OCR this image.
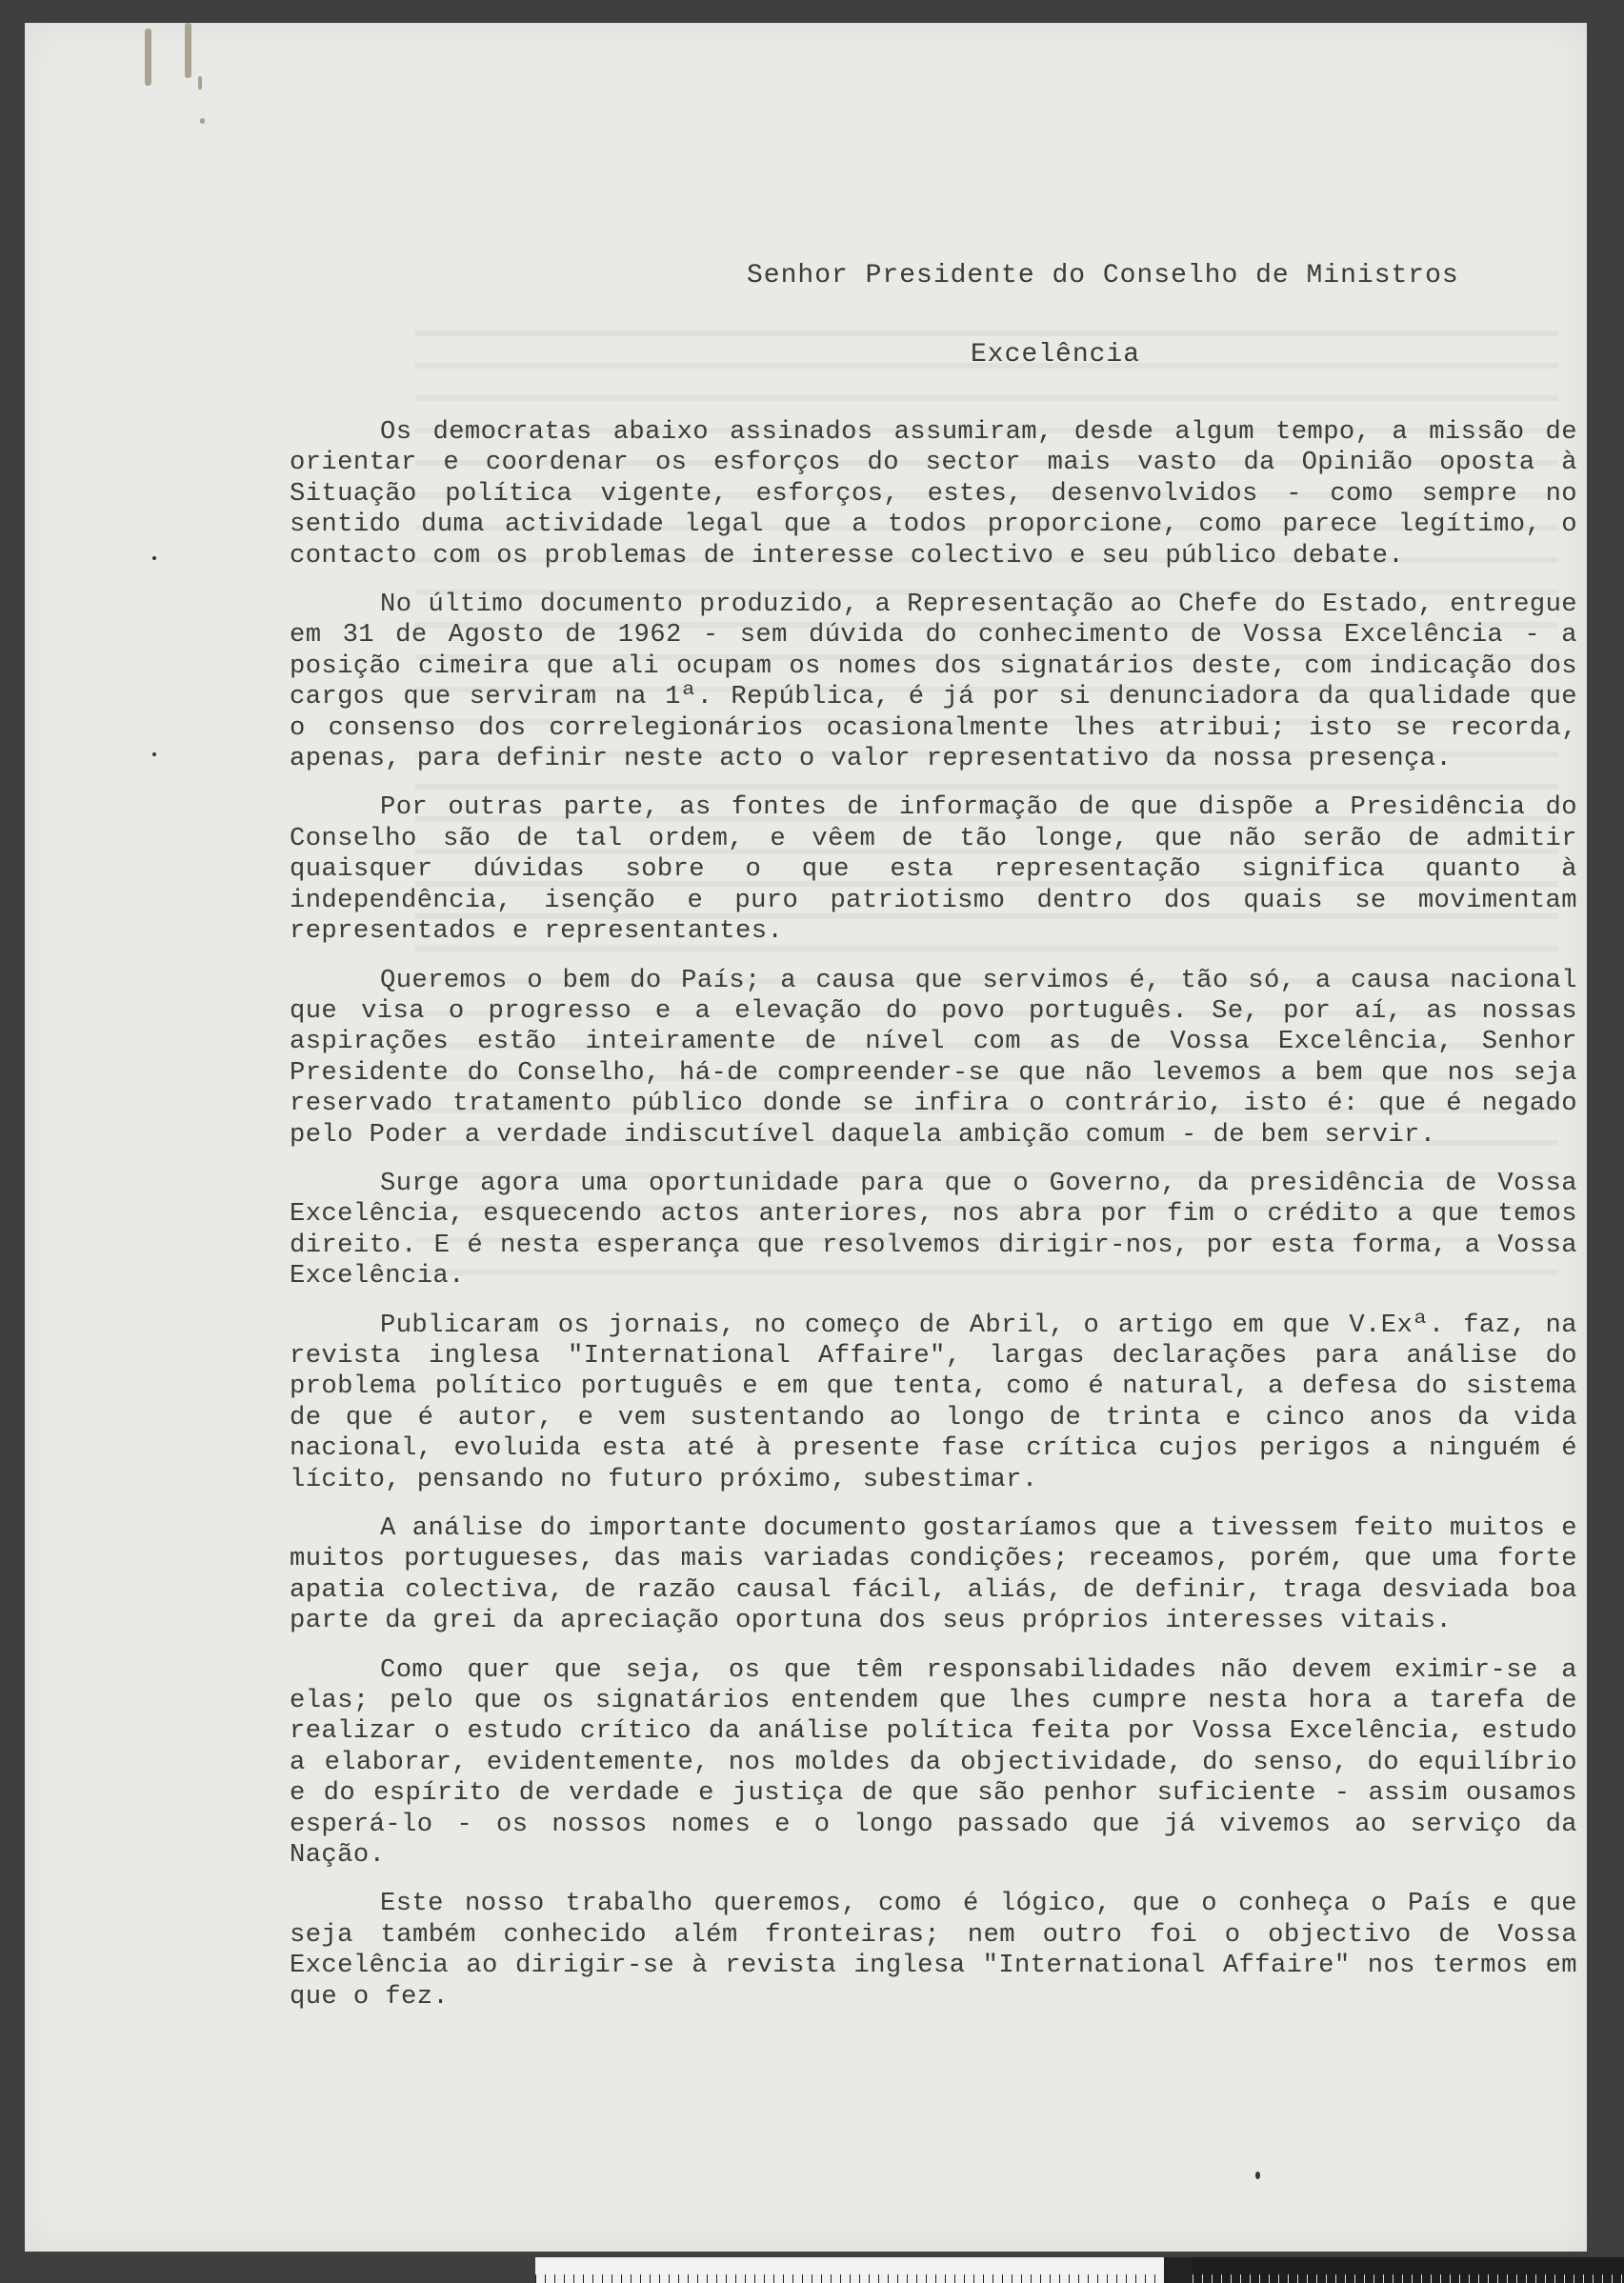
Senhor Presidente do Conselho de Ministros
Excelência

Os democratas abaixo assinados assumiram, desde algum tempo, a missão de orientar e coordenar os esforços do sector mais vasto da Opinião oposta à Situação política vigente, esforços, estes, desenvolvidos - como sempre no sentido duma actividade legal que a todos proporcione, como parece legítimo, o contacto com os problemas de interesse colectivo e seu público debate.

No último documento produzido, a Representação ao Chefe do Estado, entregue em 31 de Agosto de 1962 - sem dúvida do conhecimento de Vossa Excelência - a posição cimeira que ali ocupam os nomes dos signatários deste, com indicação dos cargos que serviram na 1ª. República, é já por si denunciadora da qualidade que o consenso dos correlegionários ocasionalmente lhes atribui; isto se recorda, apenas, para definir neste acto o valor representativo da nossa presença.

Por outras parte, as fontes de informação de que dispõe a Presidência do Conselho são de tal ordem, e vêem de tão longe, que não serão de admitir quaisquer dúvidas sobre o que esta representação significa quanto à independência, isenção e puro patriotismo dentro dos quais se movimentam representados e representantes.

Queremos o bem do País; a causa que servimos é, tão só, a causa nacional que visa o progresso e a elevação do povo português. Se, por aí, as nossas aspirações estão inteiramente de nível com as de Vossa Excelência, Senhor Presidente do Conselho, há-de compreender-se que não levemos a bem que nos seja reservado tratamento público donde se infira o contrário, isto é: que é negado pelo Poder a verdade indiscutível daquela ambição comum - de bem servir.

Surge agora uma oportunidade para que o Governo, da presidência de Vossa Excelência, esquecendo actos anteriores, nos abra por fim o crédito a que temos direito. E é nesta esperança que resolvemos dirigir-nos, por esta forma, a Vossa Excelência.

Publicaram os jornais, no começo de Abril, o artigo em que V.Exª. faz, na revista inglesa "International Affaire", largas declarações para análise do problema político português e em que tenta, como é natural, a defesa do sistema de que é autor, e vem sustentando ao longo de trinta e cinco anos da vida nacional, evoluida esta até à presente fase crítica cujos perigos a ninguém é lícito, pensando no futuro próximo, subestimar.

A análise do importante documento gostaríamos que a tivessem feito muitos e muitos portugueses, das mais variadas condições; receamos, porém, que uma forte apatia colectiva, de razão causal fácil, aliás, de definir, traga desviada boa parte da grei da apreciação oportuna dos seus próprios interesses vitais.

Como quer que seja, os que têm responsabilidades não devem eximir-se a elas; pelo que os signatários entendem que lhes cumpre nesta hora a tarefa de realizar o estudo crítico da análise política feita por Vossa Excelência, estudo a elaborar, evidentemente, nos moldes da objectividade, do senso, do equilíbrio e do espírito de verdade e justiça de que são penhor suficiente - assim ousamos esperá-lo - os nossos nomes e o longo passado que já vivemos ao serviço da Nação.

Este nosso trabalho queremos, como é lógico, que o conheça o País e que seja também conhecido além fronteiras; nem outro foi o objectivo de Vossa Excelência ao dirigir-se à revista inglesa "International Affaire" nos termos em que o fez.
